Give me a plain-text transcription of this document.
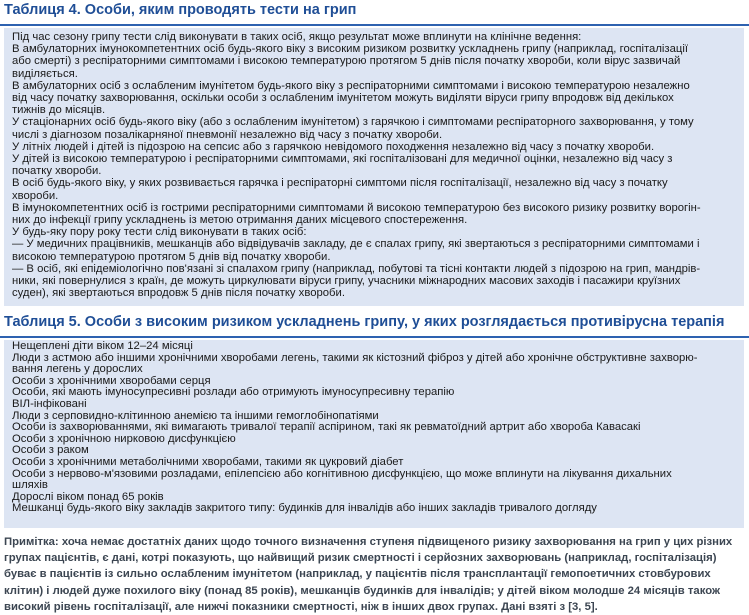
Таблиця 4. Особи, яким проводять тести на грип
Під час сезону грипу тести слід виконувати в таких осіб, якщо результат може вплинути на клінічне ведення:
В амбулаторних імунокомпетентних осіб будь-якого віку з високим ризиком розвитку ускладнень грипу (наприклад, госпіталізації
або смерті) з респіраторними симптомами і високою температурою протягом 5 днів після початку хвороби, коли вірус зазвичай
виділяється.
В амбулаторних осіб з ослабленим імунітетом будь-якого віку з респіраторними симптомами і високою температурою незалежно
від часу початку захворювання, оскільки особи з ослабленим імунітетом можуть виділяти віруси грипу впродовж від декількох
тижнів до місяців.
У стаціонарних осіб будь-якого віку (або з ослабленим імунітетом) з гарячкою і симптомами респіраторного захворювання, у тому
числі з діагнозом позалікарняної пневмонії незалежно від часу з початку хвороби.
У літніх людей і дітей із підозрою на сепсис або з гарячкою невідомого походження незалежно від часу з початку хвороби.
У дітей із високою температурою і респіраторними симптомами, які госпіталізовані для медичної оцінки, незалежно від часу з
початку хвороби.
В осіб будь-якого віку, у яких розвивається гарячка і респіраторні симптоми після госпіталізації, незалежно від часу з початку
хвороби.
В імунокомпетентних осіб із гострими респіраторними симптомами й високою температурою без високого ризику розвитку ворогін-
них до інфекції грипу ускладнень із метою отримання даних місцевого спостереження.
У будь-яку пору року тести слід виконувати в таких осіб:
— У медичних працівників, мешканців або відвідувачів закладу, де є спалах грипу, які звертаються з респіраторними симптомами і
високою температурою протягом 5 днів від початку хвороби.
— В осіб, які епідеміологічно пов'язані зі спалахом грипу (наприклад, побутові та тісні контакти людей з підозрою на грип, мандрів-
ники, які повернулися з країн, де можуть циркулювати віруси грипу, учасники міжнародних масових заходів і пасажири круїзних
суден), які звертаються впродовж 5 днів після початку хвороби.
Таблиця 5. Особи з високим ризиком ускладнень грипу, у яких розглядається противірусна терапія
Нещеплені діти віком 12–24 місяці
Люди з астмою або іншими хронічними хворобами легень, такими як кістозний фіброз у дітей або хронічне обструктивне захворю-
вання легень у дорослих
Особи з хронічними хворобами серця
Особи, які мають імуносупресивні розлади або отримують імуносупресивну терапію
ВІЛ-інфіковані
Люди з серповидно-клітинною анемією та іншими гемоглобінопатіями
Особи із захворюваннями, які вимагають тривалої терапії аспірином, такі як ревматоїдний артрит або хвороба Кавасакі
Особи з хронічною нирковою дисфункцією
Особи з раком
Особи з хронічними метаболічними хворобами, такими як цукровий діабет
Особи з нервово-м'язовими розладами, епілепсією або когнітивною дисфункцією, що може вплинути на лікування дихальних
шляхів
Дорослі віком понад 65 років
Мешканці будь-якого віку закладів закритого типу: будинків для інвалідів або інших закладів тривалого догляду
Примітка: хоча немає достатніх даних щодо точного визначення ступеня підвищеного ризику захворювання на грип у цих різних
групах пацієнтів, є дані, котрі показують, що найвищий ризик смертності і серйозних захворювань (наприклад, госпіталізація)
буває в пацієнтів із сильно ослабленим імунітетом (наприклад, у пацієнтів після трансплантації гемопоетичних стовбурових
клітин) і людей дуже похилого віку (понад 85 років), мешканців будинків для інвалідів; у дітей віком молодше 24 місяців також
високий рівень госпіталізації, але нижчі показники смертності, ніж в інших двох групах. Дані взяті з [3, 5].
